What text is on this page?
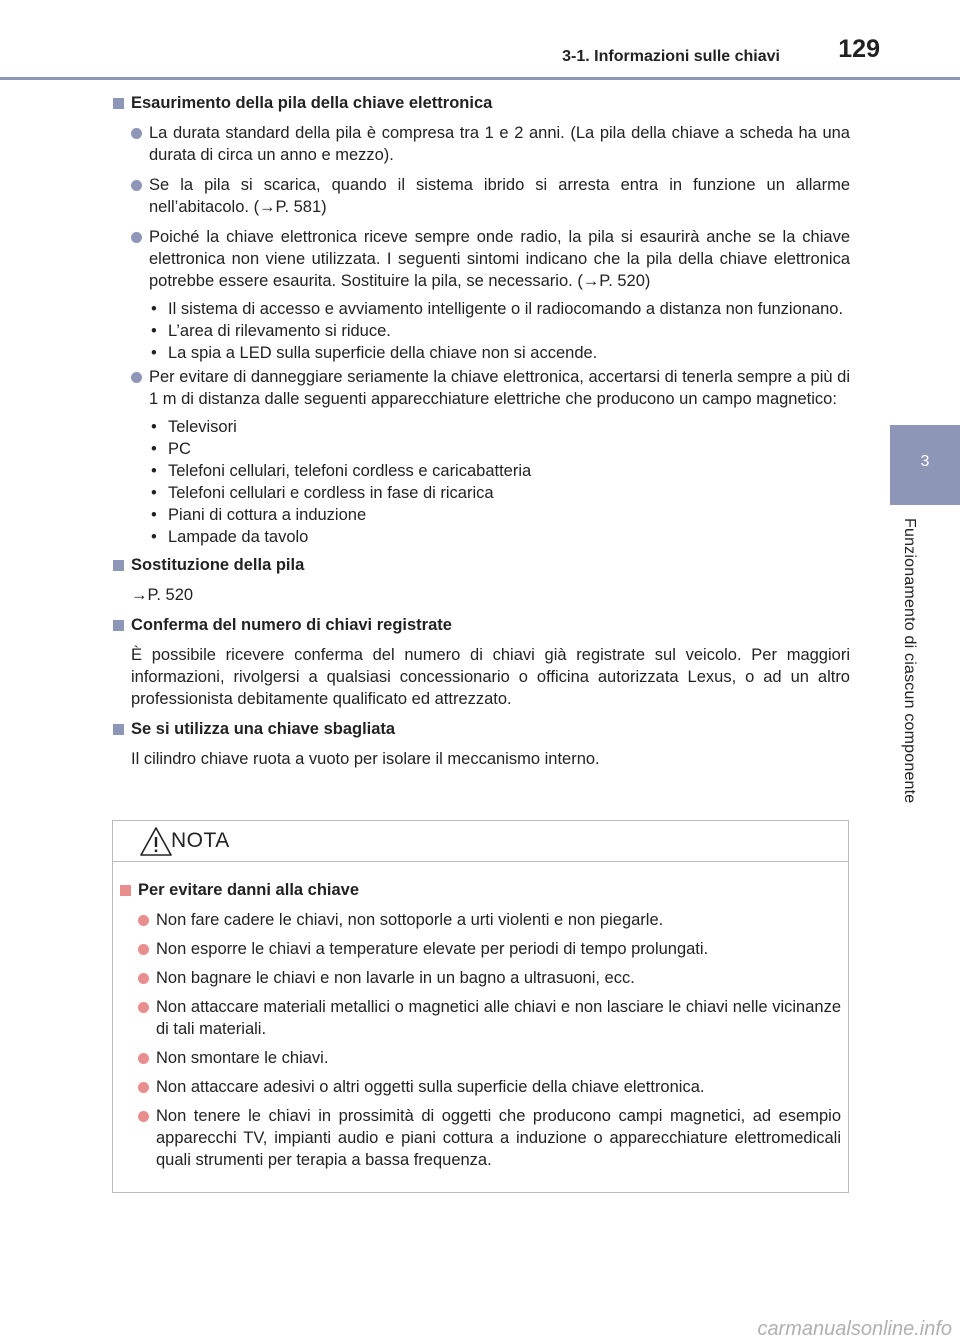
3-1. Informazioni sulle chiavi 129
3
Funzionamento di ciascun componente
Esaurimento della pila della chiave elettronica
La durata standard della pila è compresa tra 1 e 2 anni. (La pila della chiave a scheda ha una durata di circa un anno e mezzo).
Se la pila si scarica, quando il sistema ibrido si arresta entra in funzione un allarme nell’abitacolo. (→P. 581)
Poiché la chiave elettronica riceve sempre onde radio, la pila si esaurirà anche se la chiave elettronica non viene utilizzata. I seguenti sintomi indicano che la pila della chiave elettronica potrebbe essere esaurita. Sostituire la pila, se necessario. (→P. 520)
• Il sistema di accesso e avviamento intelligente o il radiocomando a distanza non funzionano.
• L’area di rilevamento si riduce.
• La spia a LED sulla superficie della chiave non si accende.
Per evitare di danneggiare seriamente la chiave elettronica, accertarsi di tenerla sempre a più di 1 m di distanza dalle seguenti apparecchiature elettriche che producono un campo magnetico:
• Televisori
• PC
• Telefoni cellulari, telefoni cordless e caricabatteria
• Telefoni cellulari e cordless in fase di ricarica
• Piani di cottura a induzione
• Lampade da tavolo
Sostituzione della pila
→P. 520
Conferma del numero di chiavi registrate
È possibile ricevere conferma del numero di chiavi già registrate sul veicolo. Per maggiori informazioni, rivolgersi a qualsiasi concessionario o officina autorizzata Lexus, o ad un altro professionista debitamente qualificato ed attrezzato.
Se si utilizza una chiave sbagliata
Il cilindro chiave ruota a vuoto per isolare il meccanismo interno.
NOTA
Per evitare danni alla chiave
Non fare cadere le chiavi, non sottoporle a urti violenti e non piegarle.
Non esporre le chiavi a temperature elevate per periodi di tempo prolungati.
Non bagnare le chiavi e non lavarle in un bagno a ultrasuoni, ecc.
Non attaccare materiali metallici o magnetici alle chiavi e non lasciare le chiavi nelle vicinanze di tali materiali.
Non smontare le chiavi.
Non attaccare adesivi o altri oggetti sulla superficie della chiave elettronica.
Non tenere le chiavi in prossimità di oggetti che producono campi magnetici, ad esempio apparecchi TV, impianti audio e piani cottura a induzione o apparecchiature elettromedicali quali strumenti per terapia a bassa frequenza.
carmanualsonline.info
